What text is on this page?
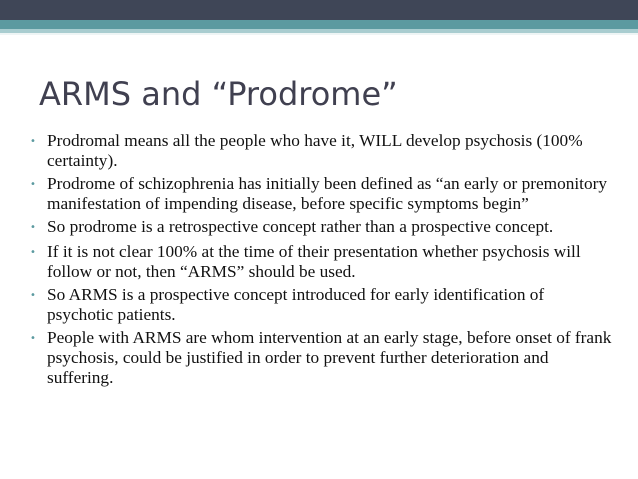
ARMS and “Prodrome”
• Prodromal means all the people who have it, WILL develop psychosis (100% certainty).
• Prodrome of schizophrenia has initially been defined as “an early or premonitory manifestation of impending disease, before specific symptoms begin”
• So prodrome is a retrospective concept rather than a prospective concept.
• If it is not clear 100% at the time of their presentation whether psychosis will follow or not, then “ARMS” should be used.
• So ARMS is a prospective concept introduced for early identification of psychotic patients.
• People with ARMS are whom intervention at an early stage, before onset of frank psychosis, could be justified in order to prevent further deterioration and suffering.
